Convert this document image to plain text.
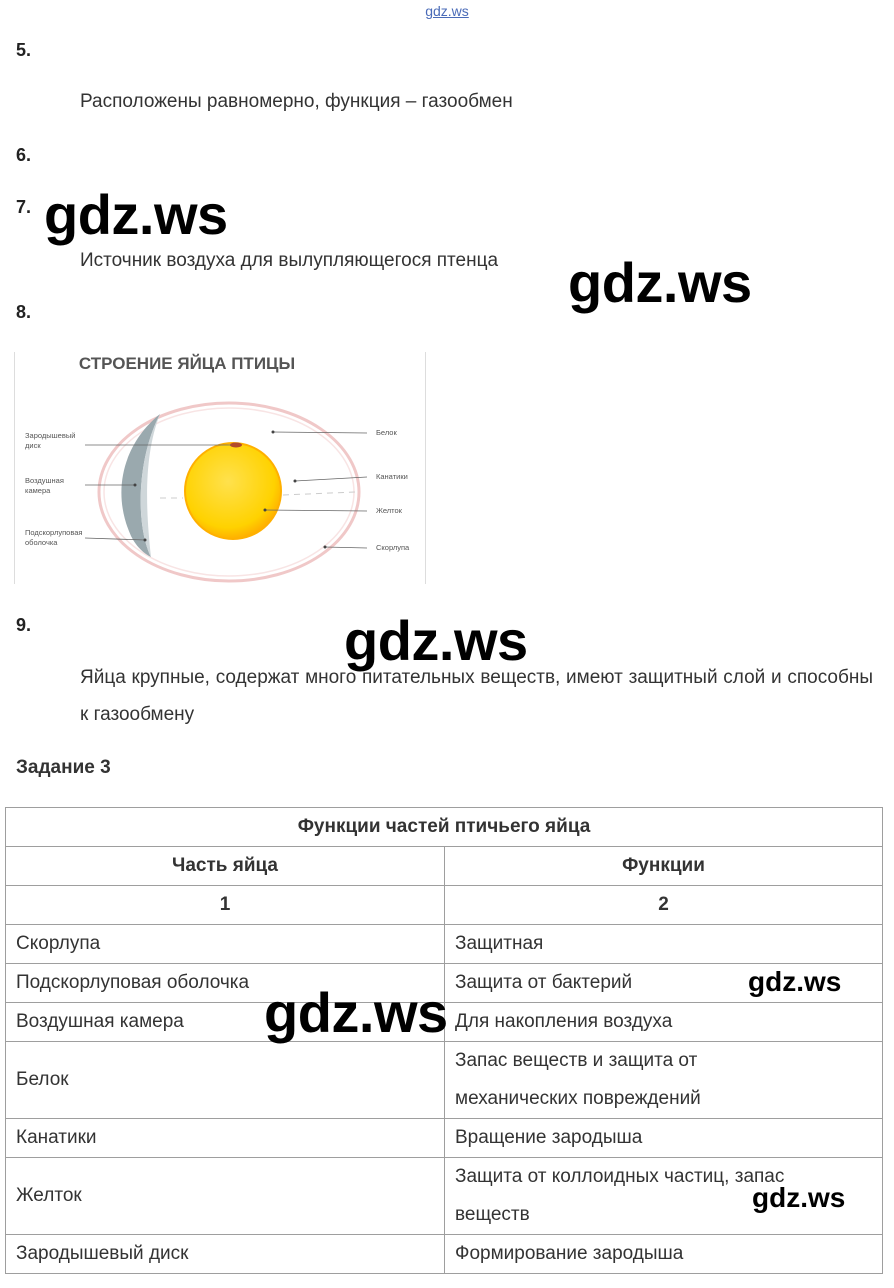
gdz.ws
5.
Расположены равномерно, функция – газообмен
6.
7.
Источник воздуха для вылупляющегося птенца
8.
СТРОЕНИЕ ЯЙЦА ПТИЦЫ
Зародышевый
диск
Воздушная
камера
Подскорлуповая
оболочка
Белок
Канатики
Желток
Скорлупа
9.
Яйца крупные, содержат много питательных веществ, имеют защитный слой и способны к газообмену
Задание 3
Функции частей птичьего яйца	
Часть яйца	Функции
1	2
Скорлупа	Защитная
Подскорлуповая оболочка	Защита от бактерий
Воздушная камера	Для накопления воздуха
Белок	Запас веществ и защита от
механических повреждений

Канатики	Вращение зародыша
Желток	Защита от коллоидных частиц, запас
веществ

Зародышевый диск	Формирование зародыша
gdz.ws
gdz.ws
gdz.ws
gdz.ws	gdz.ws
gdz.ws
